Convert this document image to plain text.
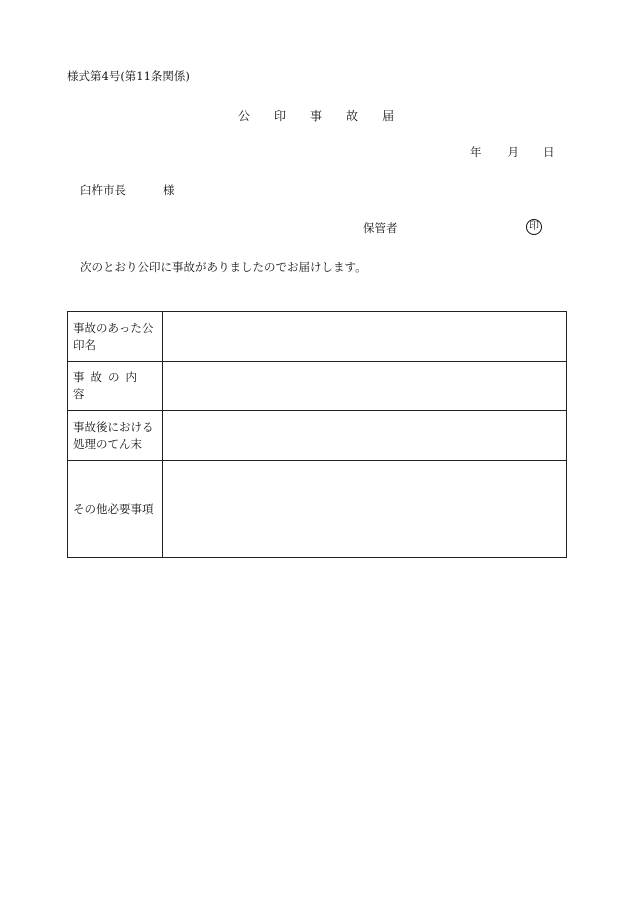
様式第4号(第11条関係)
公 印 事 故 届
年 月 日
臼杵市長	様
保管者	印
次のとおり公印に事故がありましたのでお届けします。
事故のあった公印名	
事故の内容	
事故後における処理のてん末	
その他必要事項	
